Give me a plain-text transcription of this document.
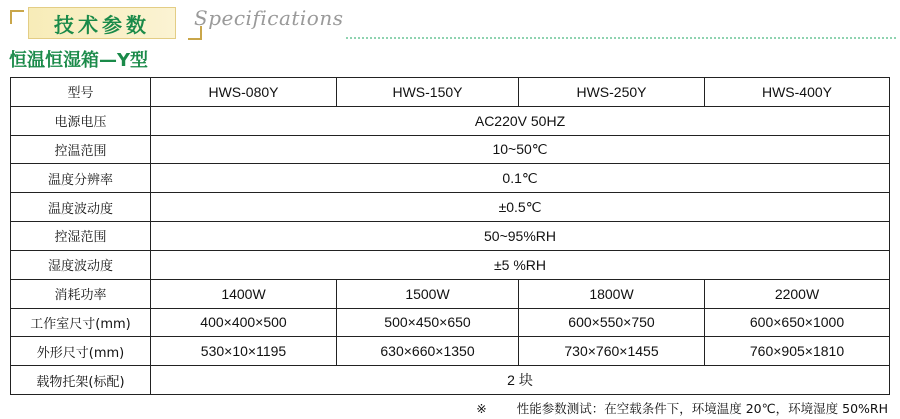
技术参数	Specifications
恒温恒湿箱—Y型
型号	HWS-080Y	HWS-150Y	HWS-250Y	HWS-400Y
电源电压	AC220V 50HZ			
控温范围	10~50℃			
温度分辨率	0.1℃			
温度波动度	±0.5℃			
控湿范围	50~95%RH			
湿度波动度	±5 %RH			
消耗功率	1400W	1500W	1800W	2200W
工作室尺寸(mm)	400×400×500	500×450×650	600×550×750	600×650×1000
外形尺寸(mm)	530×10×1195	630×660×1350	730×760×1455	760×905×1810
载物托架(标配)	2 块			
※ 性能参数测试：在空载条件下，环境温度 20℃，环境湿度 50%RH
